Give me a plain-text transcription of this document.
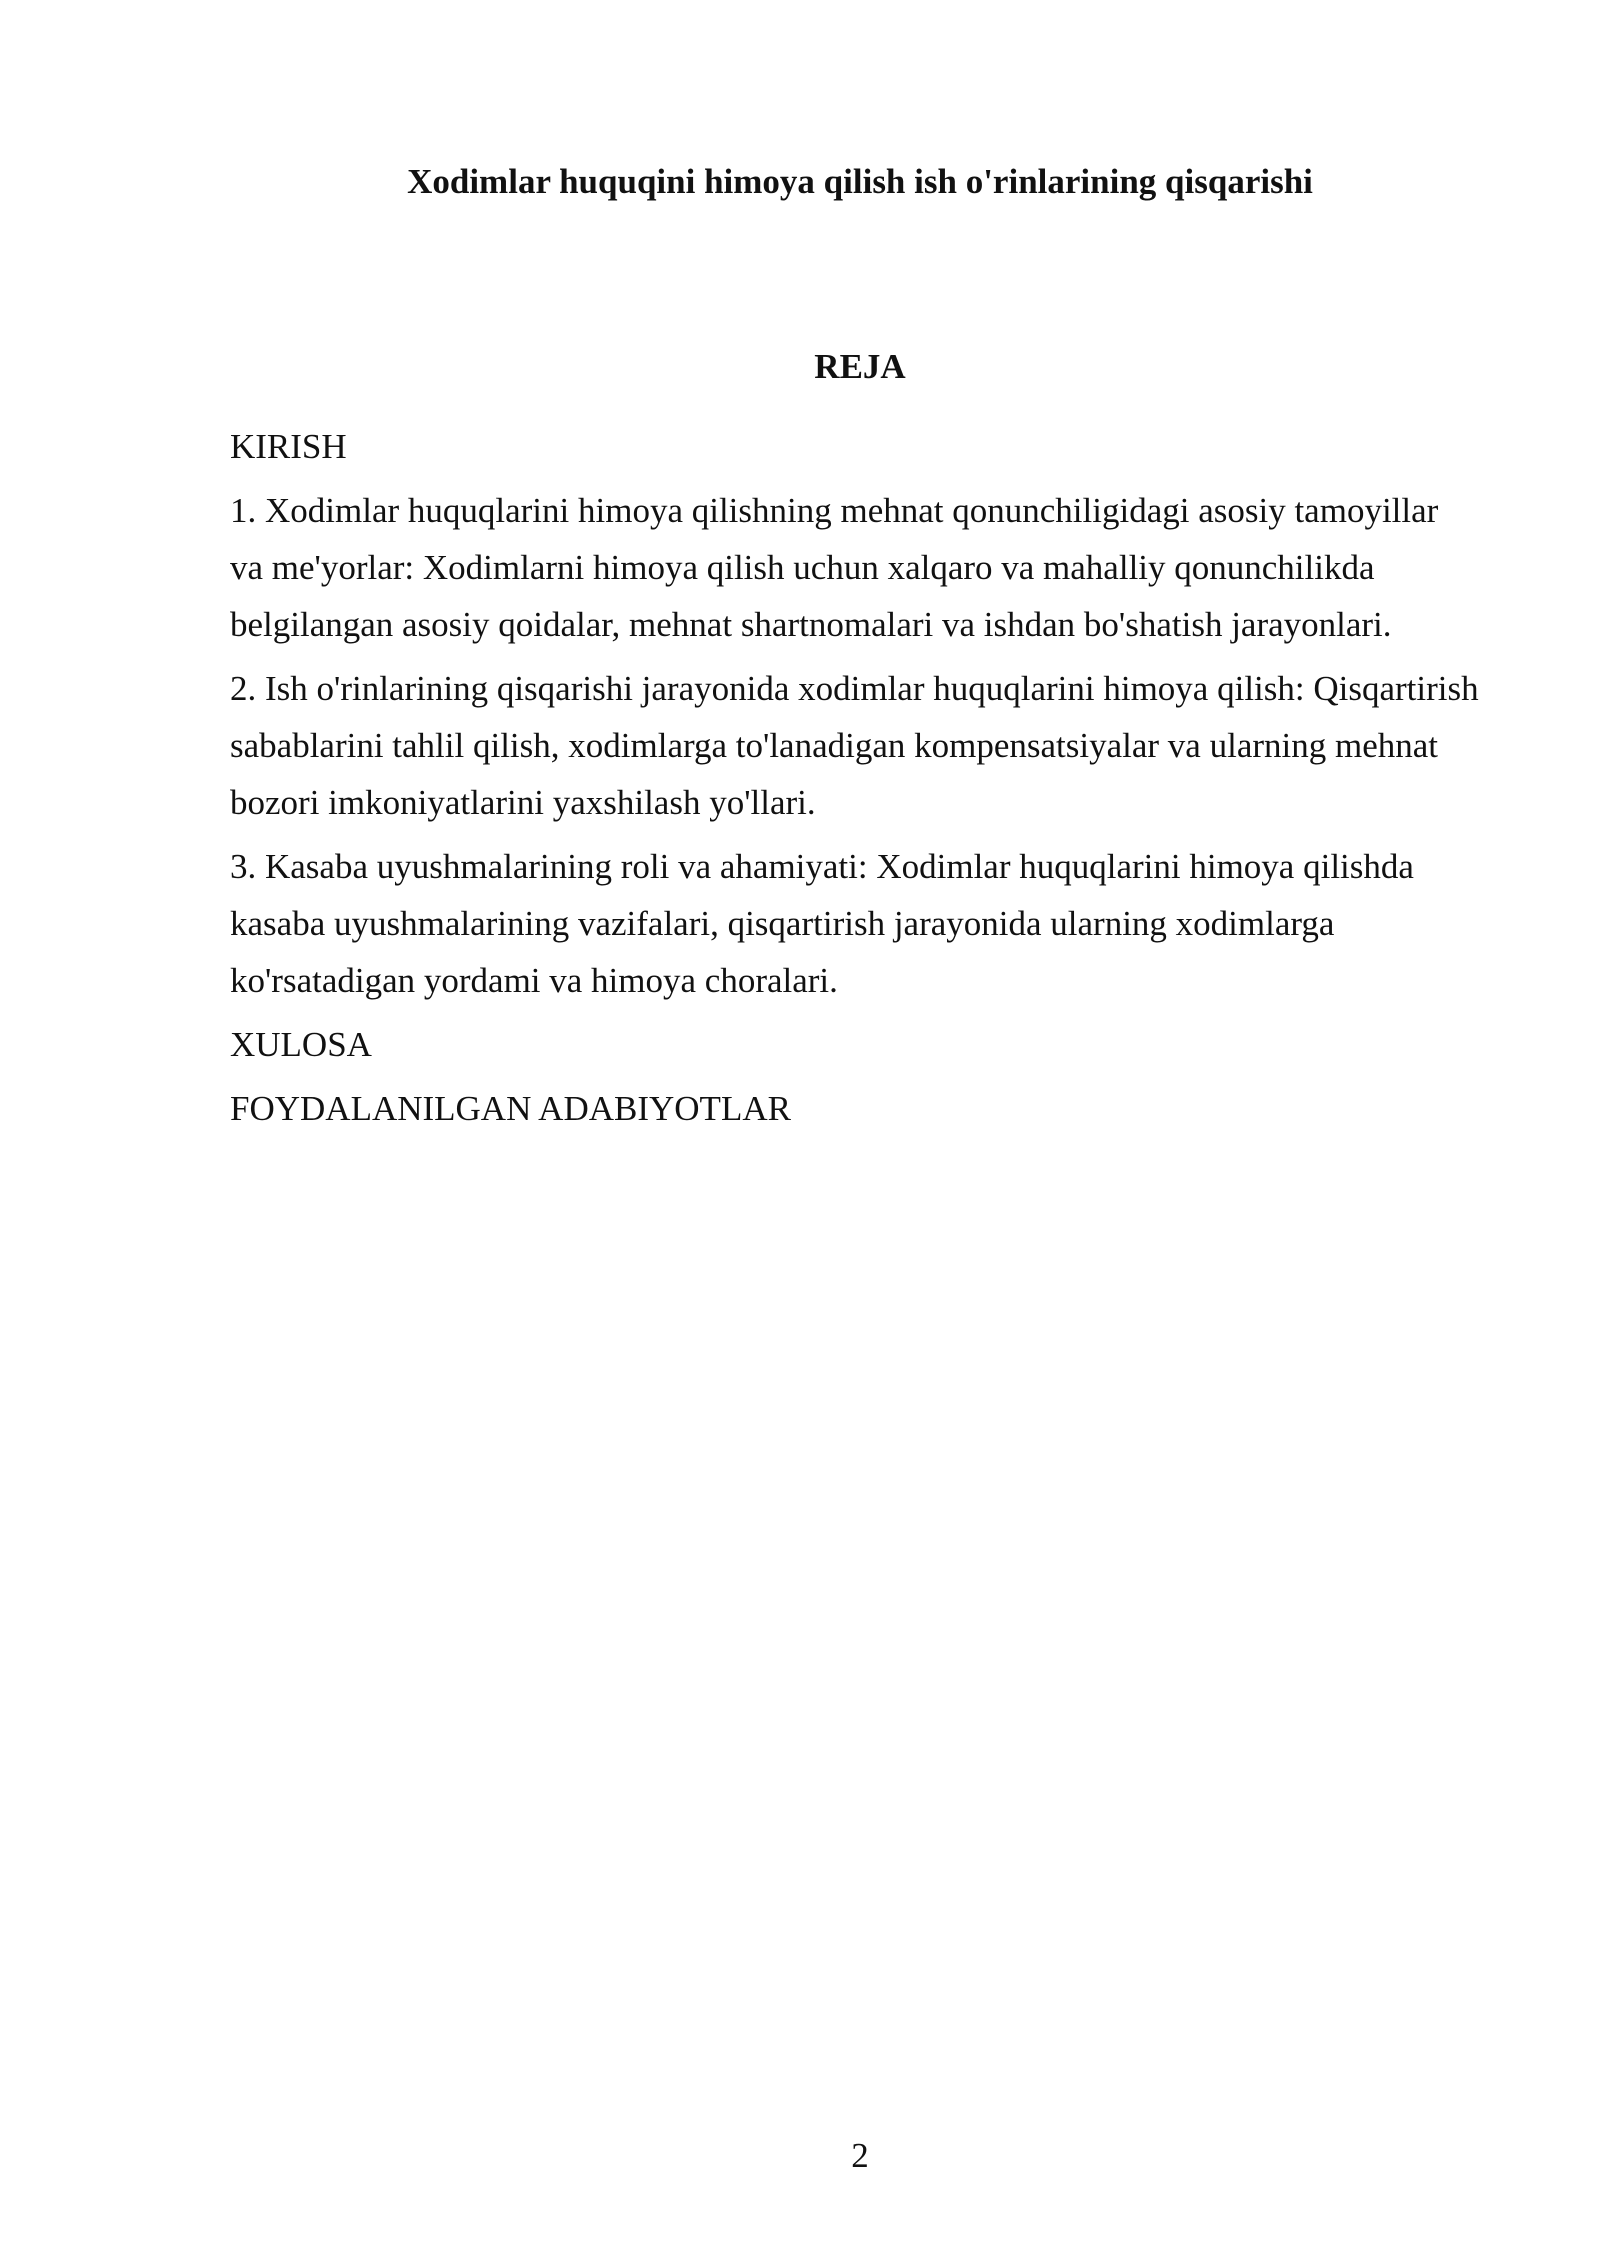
Xodimlar huquqini himoya qilish ish o'rinlarining qisqarishi
REJA

KIRISH

1. Xodimlar huquqlarini himoya qilishning mehnat qonunchiligidagi asosiy tamoyillar va me'yorlar: Xodimlarni himoya qilish uchun xalqaro va mahalliy qonunchilikda belgilangan asosiy qoidalar, mehnat shartnomalari va ishdan bo'shatish jarayonlari.

2. Ish o'rinlarining qisqarishi jarayonida xodimlar huquqlarini himoya qilish: Qisqartirish sabablarini tahlil qilish, xodimlarga to'lanadigan kompensatsiyalar va ularning mehnat bozori imkoniyatlarini yaxshilash yo'llari.

3. Kasaba uyushmalarining roli va ahamiyati: Xodimlar huquqlarini himoya qilishda kasaba uyushmalarining vazifalari, qisqartirish jarayonida ularning xodimlarga ko'rsatadigan yordami va himoya choralari.

XULOSA

FOYDALANILGAN ADABIYOTLAR

2
